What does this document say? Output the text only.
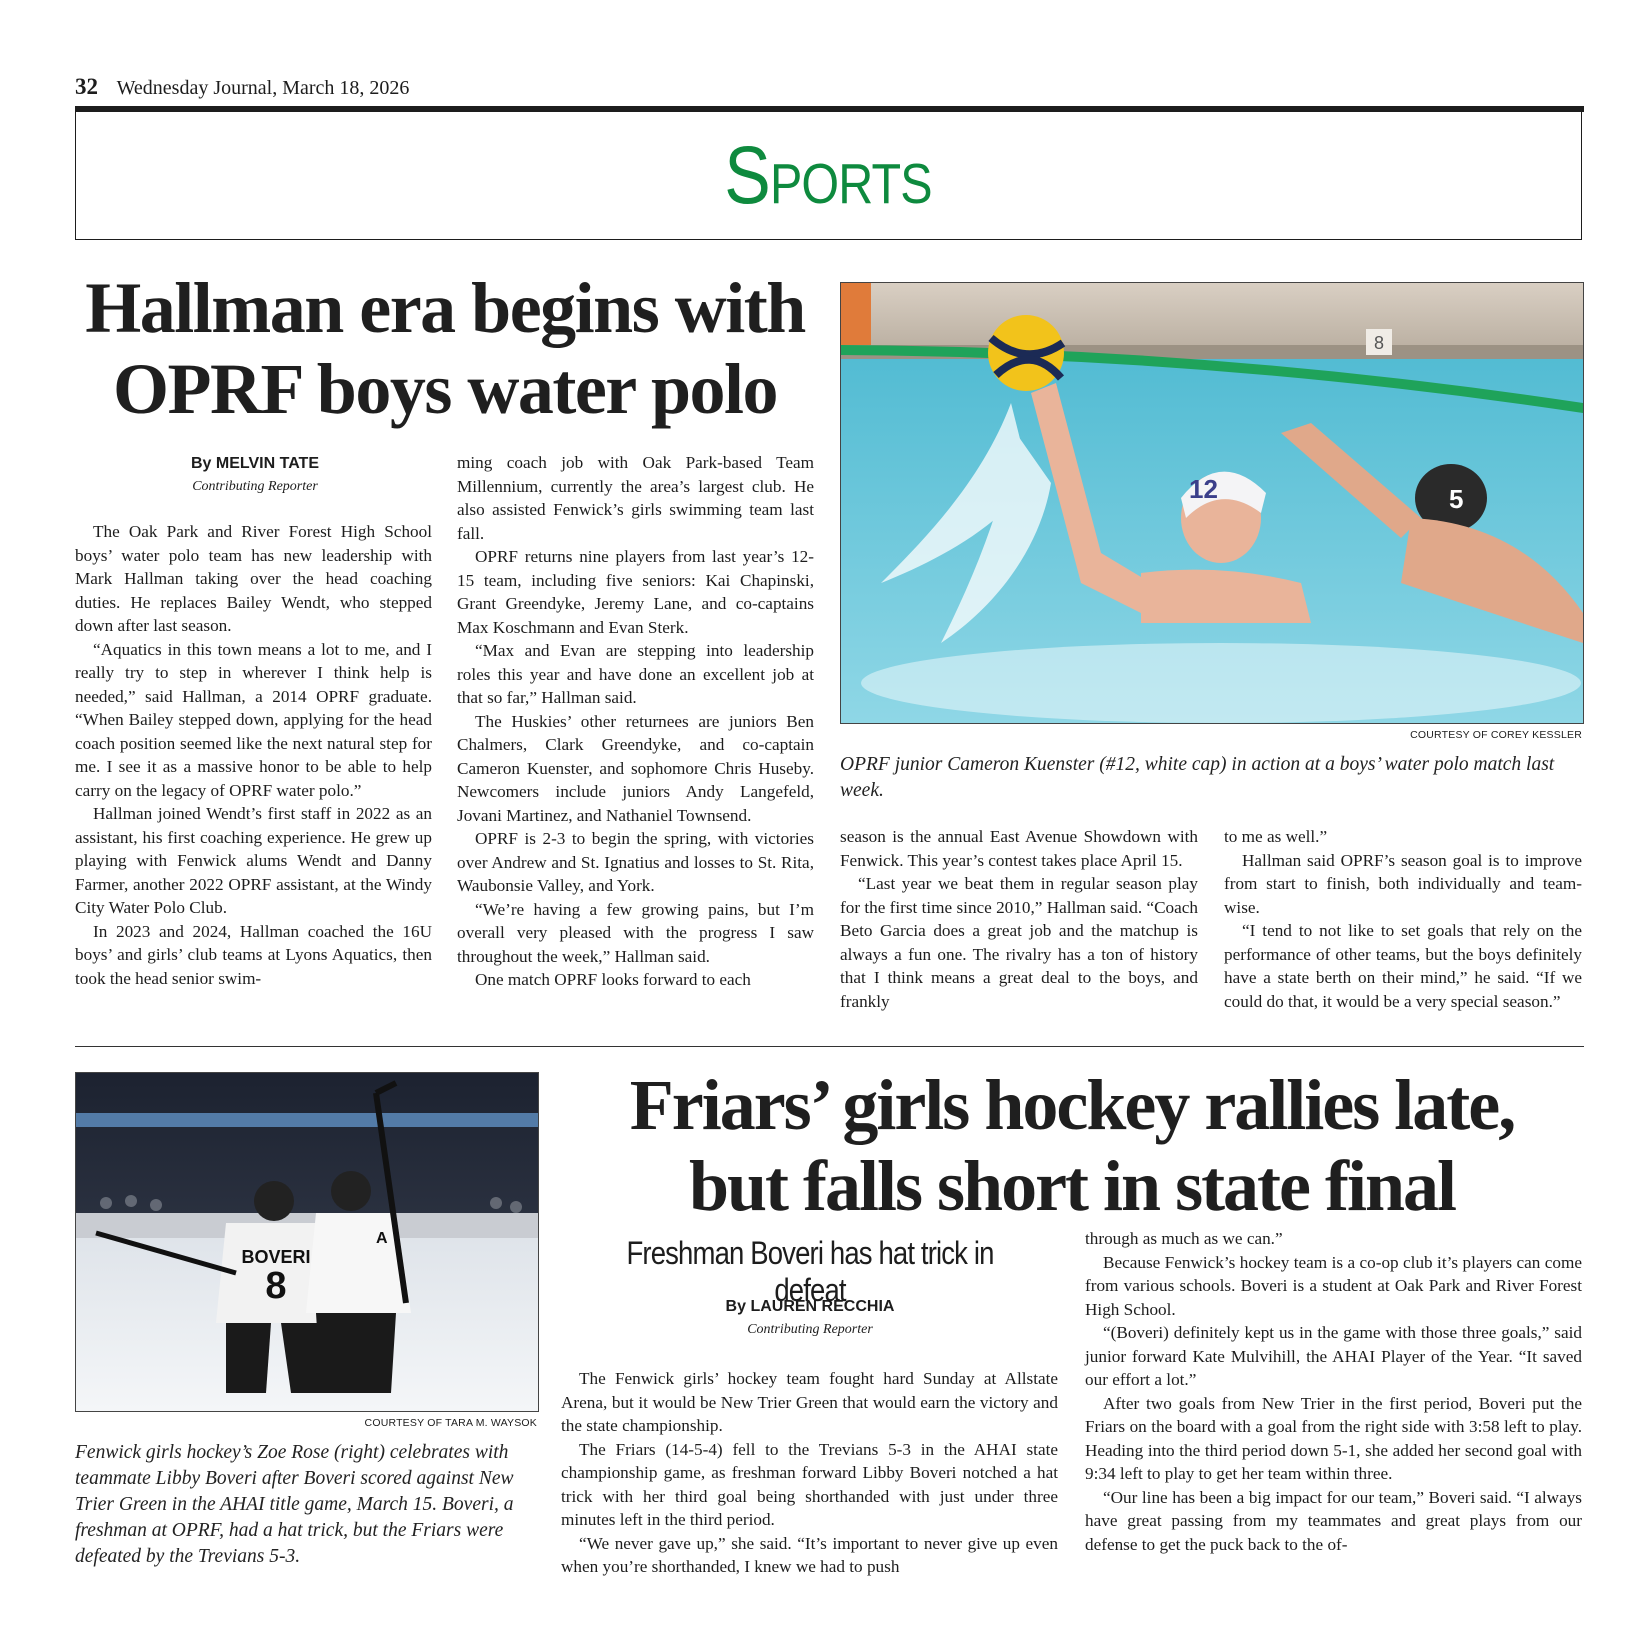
32 Wednesday Journal, March 18, 2026
Sports
Hallman era begins with
OPRF boys water polo
By MELVIN TATE
Contributing Reporter

The Oak Park and River Forest High School boys’ water polo team has new leadership with Mark Hallman taking over the head coaching duties. He replaces Bailey Wendt, who stepped down after last season.

“Aquatics in this town means a lot to me, and I really try to step in wherever I think help is needed,” said Hallman, a 2014 OPRF graduate. “When Bailey stepped down, applying for the head coach position seemed like the next natural step for me. I see it as a massive honor to be able to help carry on the legacy of OPRF water polo.”

Hallman joined Wendt’s first staff in 2022 as an assistant, his first coaching experience. He grew up playing with Fenwick alums Wendt and Danny Farmer, another 2022 OPRF assistant, at the Windy City Water Polo Club.

In 2023 and 2024, Hallman coached the 16U boys’ and girls’ club teams at Lyons Aquatics, then took the head senior swim-

ming coach job with Oak Park-based Team Millennium, currently the area’s largest club. He also assisted Fenwick’s girls swimming team last fall.

OPRF returns nine players from last year’s 12-15 team, including five seniors: Kai Chapinski, Grant Greendyke, Jeremy Lane, and co-captains Max Koschmann and Evan Sterk.

“Max and Evan are stepping into leadership roles this year and have done an excellent job at that so far,” Hallman said.

The Huskies’ other returnees are juniors Ben Chalmers, Clark Greendyke, and co-captain Cameron Kuenster, and sophomore Chris Huseby. Newcomers include juniors Andy Langefeld, Jovani Martinez, and Nathaniel Townsend.

OPRF is 2-3 to begin the spring, with victories over Andrew and St. Ignatius and losses to St. Rita, Waubonsie Valley, and York.

“We’re having a few growing pains, but I’m overall very pleased with the progress I saw throughout the week,” Hallman said.

One match OPRF looks forward to each

8
12	5
COURTESY OF COREY KESSLER
OPRF junior Cameron Kuenster (#12, white cap) in action at a boys’ water polo match last week.

season is the annual East Avenue Showdown with Fenwick. This year’s contest takes place April 15.

“Last year we beat them in regular season play for the first time since 2010,” Hallman said. “Coach Beto Garcia does a great job and the matchup is always a fun one. The rivalry has a ton of history that I think means a great deal to the boys, and frankly

to me as well.”

Hallman said OPRF’s season goal is to improve from start to finish, both individually and team-wise.

“I tend to not like to set goals that rely on the performance of other teams, but the boys definitely have a state berth on their mind,” he said. “If we could do that, it would be a very special season.”

BOVERI
8
A
COURTESY OF TARA M. WAYSOK
Fenwick girls hockey’s Zoe Rose (right) celebrates with teammate Libby Boveri after Boveri scored against New Trier Green in the AHAI title game, March 15. Boveri, a freshman at OPRF, had a hat trick, but the Friars were defeated by the Trevians 5-3.
Friars’ girls hockey rallies late,
but falls short in state final
Freshman Boveri has hat trick in defeat
By LAUREN RECCHIA
Contributing Reporter

The Fenwick girls’ hockey team fought hard Sunday at Allstate Arena, but it would be New Trier Green that would earn the victory and the state championship.

The Friars (14-5-4) fell to the Trevians 5-3 in the AHAI state championship game, as freshman forward Libby Boveri notched a hat trick with her third goal being shorthanded with just under three minutes left in the third period.

“We never gave up,” she said. “It’s important to never give up even when you’re shorthanded, I knew we had to push

through as much as we can.”

Because Fenwick’s hockey team is a co-op club it’s players can come from various schools. Boveri is a student at Oak Park and River Forest High School.

“(Boveri) definitely kept us in the game with those three goals,” said junior forward Kate Mulvihill, the AHAI Player of the Year. “It saved our effort a lot.”

After two goals from New Trier in the first period, Boveri put the Friars on the board with a goal from the right side with 3:58 left to play. Heading into the third period down 5-1, she added her second goal with 9:34 left to play to get her team within three.

“Our line has been a big impact for our team,” Boveri said. “I always have great passing from my teammates and great plays from our defense to get the puck back to the of-
